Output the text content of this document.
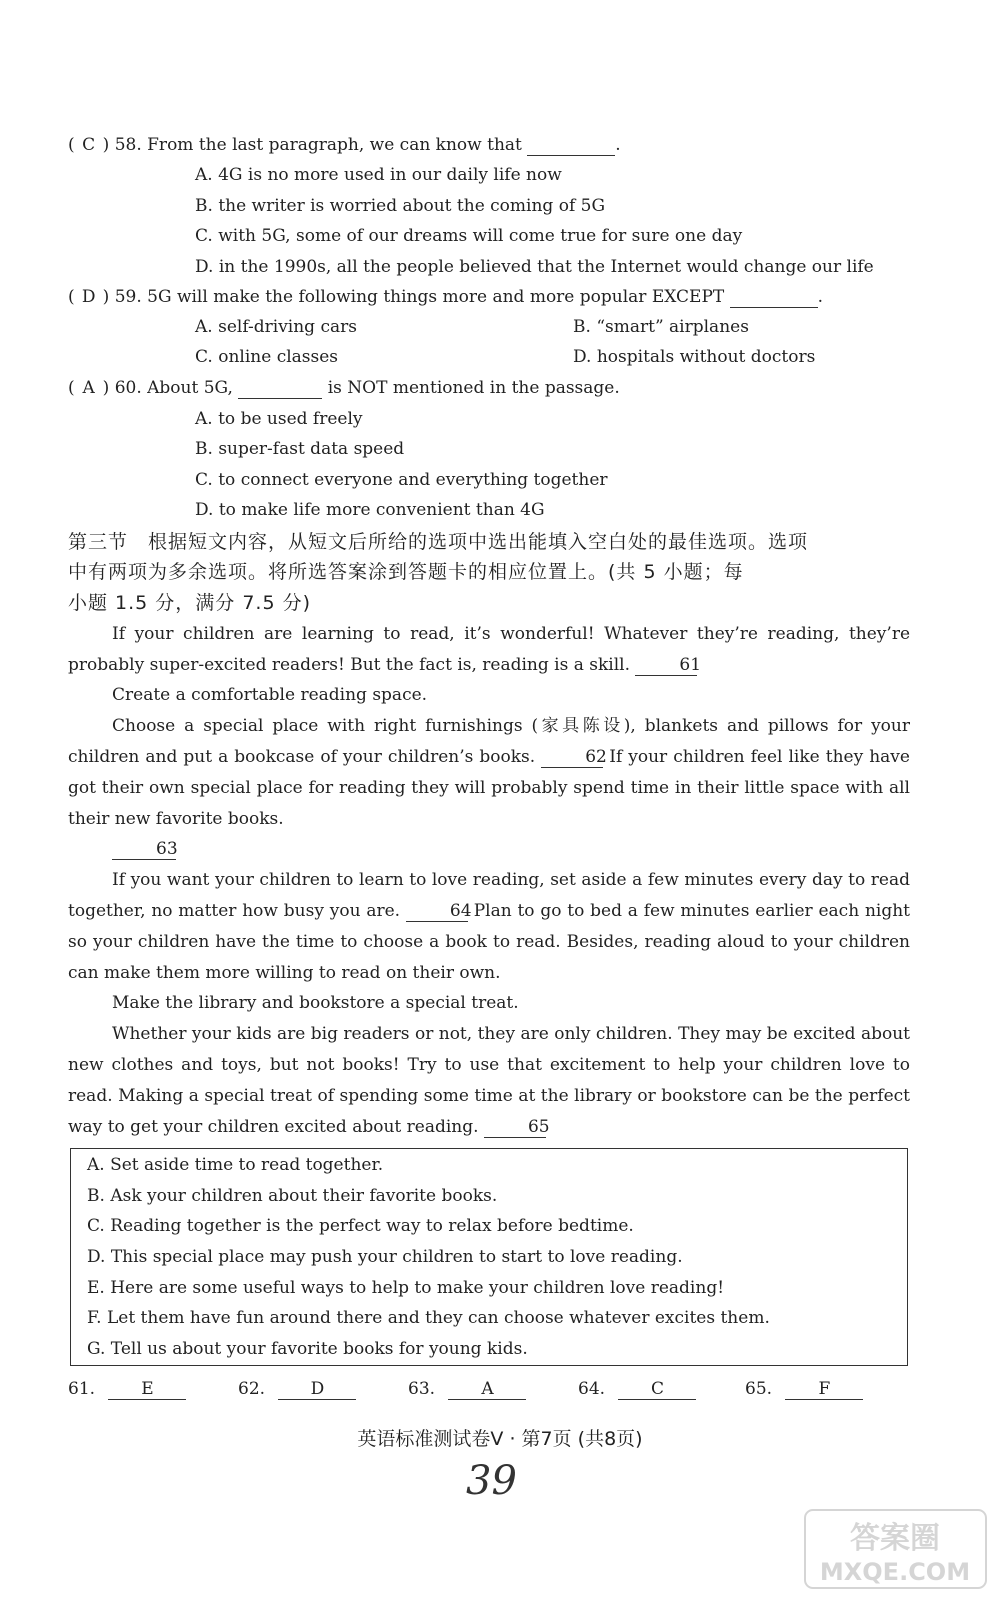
( C ) 58. From the last paragraph, we can know that	.
A. 4G is no more used in our daily life now
B. the writer is worried about the coming of 5G
C. with 5G, some of our dreams will come true for sure one day
D. in the 1990s, all the people believed that the Internet would change our life
( D ) 59. 5G will make the following things more and more popular EXCEPT	.
A. self-driving cars	B. “smart” airplanes
C. online classes	D. hospitals without doctors
( A ) 60. About 5G,	is NOT mentioned in the passage.
A. to be used freely
B. super-fast data speed
C. to connect everyone and everything together
D. to make life more convenient than 4G
第三节　根据短文内容，从短文后所给的选项中选出能填入空白处的最佳选项。选项
中有两项为多余选项。将所选答案涂到答题卡的相应位置上。(共 5 小题；每
小题 1.5 分，满分 7.5 分)
If your children are learning to read, it’s wonderful! Whatever they’re reading, they’re probably super-excited readers! But the fact is, reading is a skill.	61
Create a comfortable reading space.
Choose a special place with right furnishings (家具陈设), blankets and pillows for your children and put a bookcase of your children’s books.	62 If your children feel like they have got their own special place for reading they will probably spend time in their little space with all their new favorite books.
63
If you want your children to learn to love reading, set aside a few minutes every day to read together, no matter how busy you are.	64 Plan to go to bed a few minutes earlier each night so your children have the time to choose a book to read. Besides, reading aloud to your children can make them more willing to read on their own.
Make the library and bookstore a special treat.
Whether your kids are big readers or not, they are only children. They may be excited about new clothes and toys, but not books! Try to use that excitement to help your children love to read. Making a special treat of spending some time at the library or bookstore can be the perfect way to get your children excited about reading.	65
A. Set aside time to read together.
B. Ask your children about their favorite books.
C. Reading together is the perfect way to relax before bedtime.
D. This special place may push your children to start to love reading.
E. Here are some useful ways to help to make your children love reading!
F. Let them have fun around there and they can choose whatever excites them.
G. Tell us about your favorite books for young kids.
61.	E	62.	D	63.	A	64.	C	65.	F
英语标准测试卷V · 第7页 (共8页)
39
答案圈
MXQE.COM
